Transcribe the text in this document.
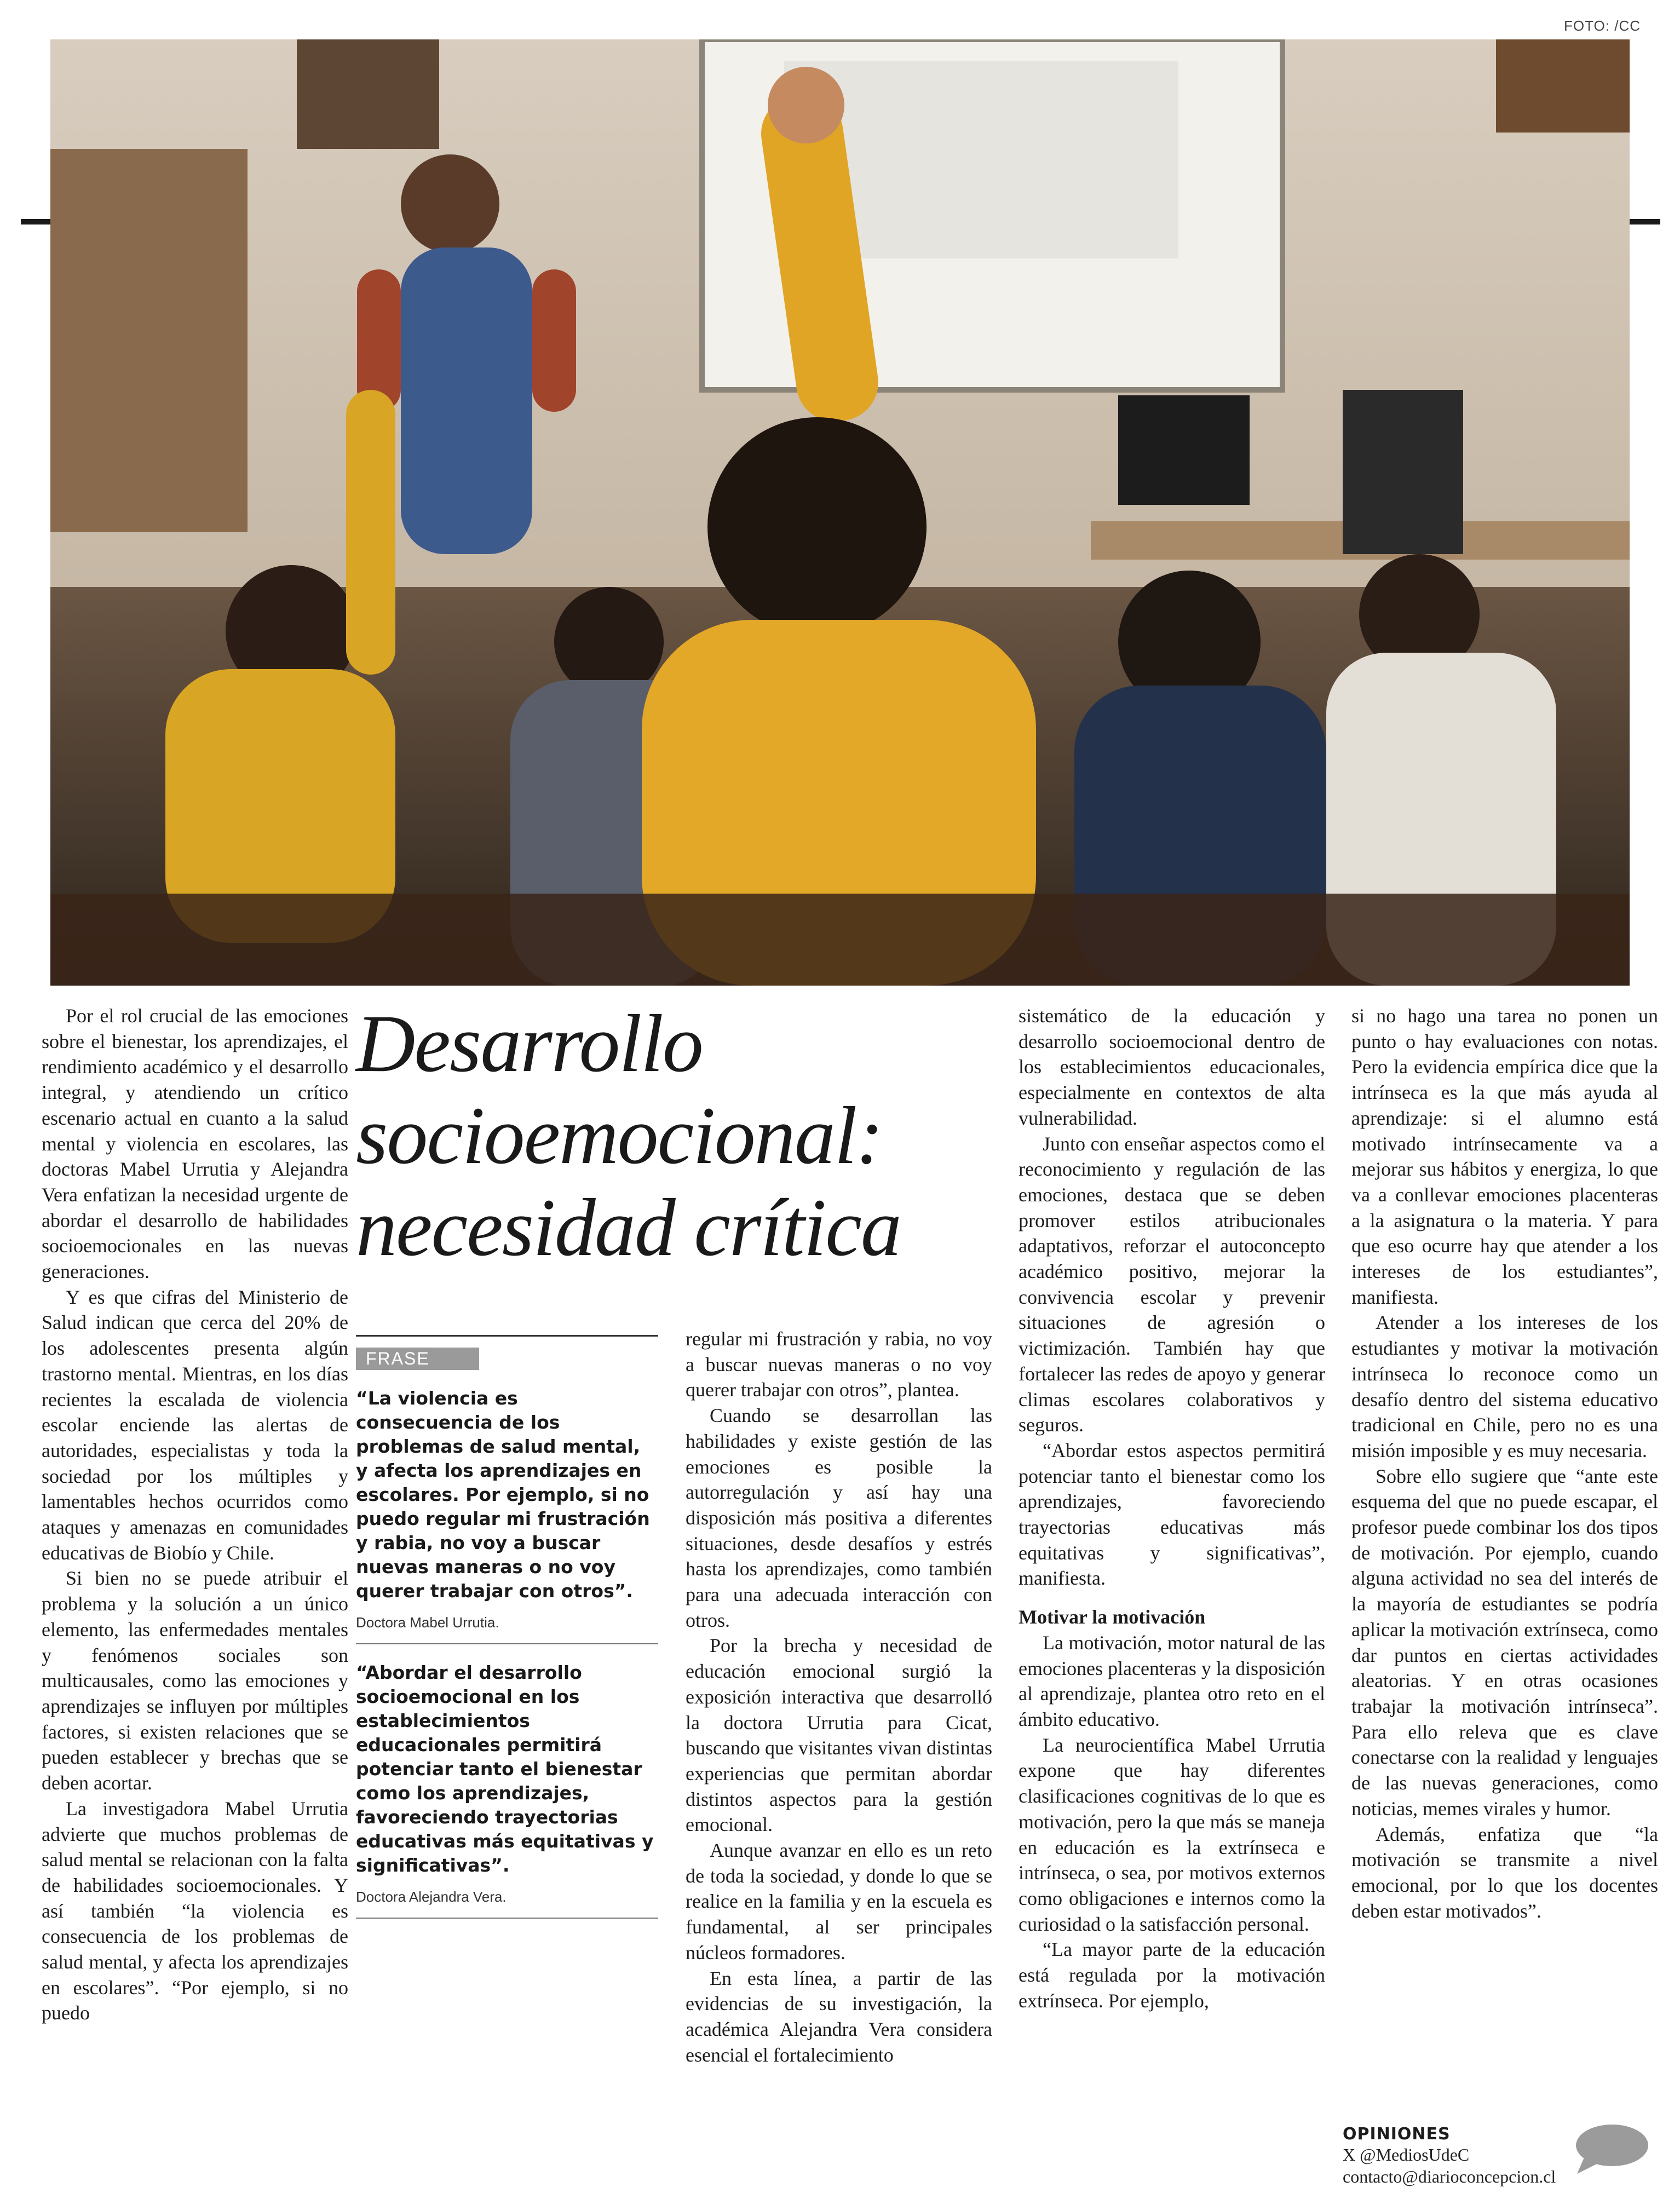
FOTO: /CC

Por el rol crucial de las emociones sobre el bienestar, los aprendizajes, el rendimiento académico y el desarrollo integral, y atendiendo un crítico escenario actual en cuanto a la salud mental y violencia en escolares, las doctoras Mabel Urrutia y Alejandra Vera enfatizan la necesidad urgente de abordar el desarrollo de habilidades socioemocionales en las nuevas generaciones.

Y es que cifras del Ministerio de Salud indican que cerca del 20% de los adolescentes presenta algún trastorno mental. Mientras, en los días recientes la escalada de violencia escolar enciende las alertas de autoridades, especialistas y toda la sociedad por los múltiples y lamentables hechos ocurridos como ataques y amenazas en comunidades educativas de Biobío y Chile.

Si bien no se puede atribuir el problema y la solución a un único elemento, las enfermedades mentales y fenómenos sociales son multicausales, como las emociones y aprendizajes se influyen por múltiples factores, si existen relaciones que se pueden establecer y brechas que se deben acortar.

La investigadora Mabel Urrutia advierte que muchos problemas de salud mental se relacionan con la falta de habilidades socioemocionales. Y así también “la violencia es consecuencia de los problemas de salud mental, y afecta los aprendizajes en escolares”. “Por ejemplo, si no puedo

Desarrollo
socioemocional:
necesidad crítica
FRASE
“La violencia es consecuencia de los problemas de salud mental, y afecta los aprendizajes en escolares. Por ejemplo, si no puedo regular mi frustración y rabia, no voy a buscar nuevas maneras o no voy querer trabajar con otros”.
Doctora Mabel Urrutia.
“Abordar el desarrollo socioemocional en los establecimientos educacionales permitirá potenciar tanto el bienestar como los aprendizajes, favoreciendo trayectorias educativas más equitativas y significativas”.
Doctora Alejandra Vera.

regular mi frustración y rabia, no voy a buscar nuevas maneras o no voy querer trabajar con otros”, plantea.

Cuando se desarrollan las habilidades y existe gestión de las emociones es posible la autorregulación y así hay una disposición más positiva a diferentes situaciones, desde desafíos y estrés hasta los aprendizajes, como también para una adecuada interacción con otros.

Por la brecha y necesidad de educación emocional surgió la exposición interactiva que desarrolló la doctora Urrutia para Cicat, buscando que visitantes vivan distintas experiencias que permitan abordar distintos aspectos para la gestión emocional.

Aunque avanzar en ello es un reto de toda la sociedad, y donde lo que se realice en la familia y en la escuela es fundamental, al ser principales núcleos formadores.

En esta línea, a partir de las evidencias de su investigación, la académica Alejandra Vera considera esencial el fortalecimiento

sistemático de la educación y desarrollo socioemocional dentro de los establecimientos educacionales, especialmente en contextos de alta vulnerabilidad.

Junto con enseñar aspectos como el reconocimiento y regulación de las emociones, destaca que se deben promover estilos atribucionales adaptativos, reforzar el autoconcepto académico positivo, mejorar la convivencia escolar y prevenir situaciones de agresión o victimización. También hay que fortalecer las redes de apoyo y generar climas escolares colaborativos y seguros.

“Abordar estos aspectos permitirá potenciar tanto el bienestar como los aprendizajes, favoreciendo trayectorias educativas más equitativas y significativas”, manifiesta.

Motivar la motivación

La motivación, motor natural de las emociones placenteras y la disposición al aprendizaje, plantea otro reto en el ámbito educativo.

La neurocientífica Mabel Urrutia expone que hay diferentes clasificaciones cognitivas de lo que es motivación, pero la que más se maneja en educación es la extrínseca e intrínseca, o sea, por motivos externos como obligaciones e internos como la curiosidad o la satisfacción personal.

“La mayor parte de la educación está regulada por la motivación extrínseca. Por ejemplo,

si no hago una tarea no ponen un punto o hay evaluaciones con notas. Pero la evidencia empírica dice que la intrínseca es la que más ayuda al aprendizaje: si el alumno está motivado intrínsecamente va a mejorar sus hábitos y energiza, lo que va a conllevar emociones placenteras a la asignatura o la materia. Y para que eso ocurre hay que atender a los intereses de los estudiantes”, manifiesta.

Atender a los intereses de los estudiantes y motivar la motivación intrínseca lo reconoce como un desafío dentro del sistema educativo tradicional en Chile, pero no es una misión imposible y es muy necesaria.

Sobre ello sugiere que “ante este esquema del que no puede escapar, el profesor puede combinar los dos tipos de motivación. Por ejemplo, cuando alguna actividad no sea del interés de la mayoría de estudiantes se podría aplicar la motivación extrínseca, como dar puntos en ciertas actividades aleatorias. Y en otras ocasiones trabajar la motivación intrínseca”. Para ello releva que es clave conectarse con la realidad y lenguajes de las nuevas generaciones, como noticias, memes virales y humor.

Además, enfatiza que “la motivación se transmite a nivel emocional, por lo que los docentes deben estar motivados”.

OPINIONES
X @MediosUdeC
contacto@diarioconcepcion.cl
